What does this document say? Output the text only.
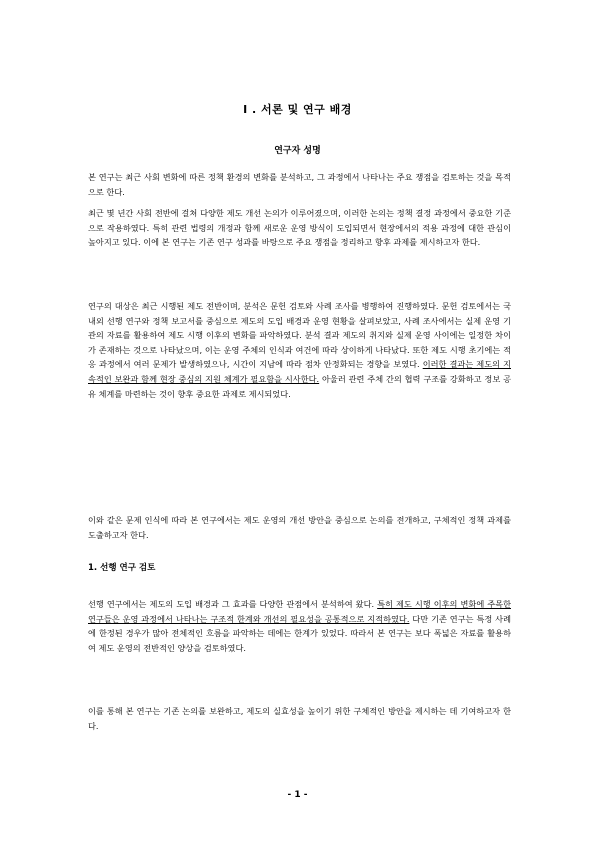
I . 서론 및 연구 배경
연구자 성명

본 연구는 최근 사회 변화에 따른 정책 환경의 변화를 분석하고, 그 과정에서 나타나는 주요 쟁점을 검토하는 것을 목적으로 한다.

최근 몇 년간 사회 전반에 걸쳐 다양한 제도 개선 논의가 이루어졌으며, 이러한 논의는 정책 결정 과정에서 중요한 기준으로 작용하였다. 특히 관련 법령의 개정과 함께 새로운 운영 방식이 도입되면서 현장에서의 적용 과정에 대한 관심이 높아지고 있다. 이에 본 연구는 기존 연구 성과를 바탕으로 주요 쟁점을 정리하고 향후 과제를 제시하고자 한다.

연구의 대상은 최근 시행된 제도 전반이며, 분석은 문헌 검토와 사례 조사를 병행하여 진행하였다. 문헌 검토에서는 국내외 선행 연구와 정책 보고서를 중심으로 제도의 도입 배경과 운영 현황을 살펴보았고, 사례 조사에서는 실제 운영 기관의 자료를 활용하여 제도 시행 이후의 변화를 파악하였다. 분석 결과 제도의 취지와 실제 운영 사이에는 일정한 차이가 존재하는 것으로 나타났으며, 이는 운영 주체의 인식과 여건에 따라 상이하게 나타났다. 또한 제도 시행 초기에는 적응 과정에서 여러 문제가 발생하였으나, 시간이 지남에 따라 점차 안정화되는 경향을 보였다. 이러한 결과는 제도의 지속적인 보완과 함께 현장 중심의 지원 체계가 필요함을 시사한다. 아울러 관련 주체 간의 협력 구조를 강화하고 정보 공유 체계를 마련하는 것이 향후 중요한 과제로 제시되었다.

이와 같은 문제 인식에 따라 본 연구에서는 제도 운영의 개선 방안을 중심으로 논의를 전개하고, 구체적인 정책 과제를 도출하고자 한다.

1. 선행 연구 검토

선행 연구에서는 제도의 도입 배경과 그 효과를 다양한 관점에서 분석하여 왔다. 특히 제도 시행 이후의 변화에 주목한 연구들은 운영 과정에서 나타나는 구조적 한계와 개선의 필요성을 공통적으로 지적하였다. 다만 기존 연구는 특정 사례에 한정된 경우가 많아 전체적인 흐름을 파악하는 데에는 한계가 있었다. 따라서 본 연구는 보다 폭넓은 자료를 활용하여 제도 운영의 전반적인 양상을 검토하였다.

이를 통해 본 연구는 기존 논의를 보완하고, 제도의 실효성을 높이기 위한 구체적인 방안을 제시하는 데 기여하고자 한다.

- 1 -
